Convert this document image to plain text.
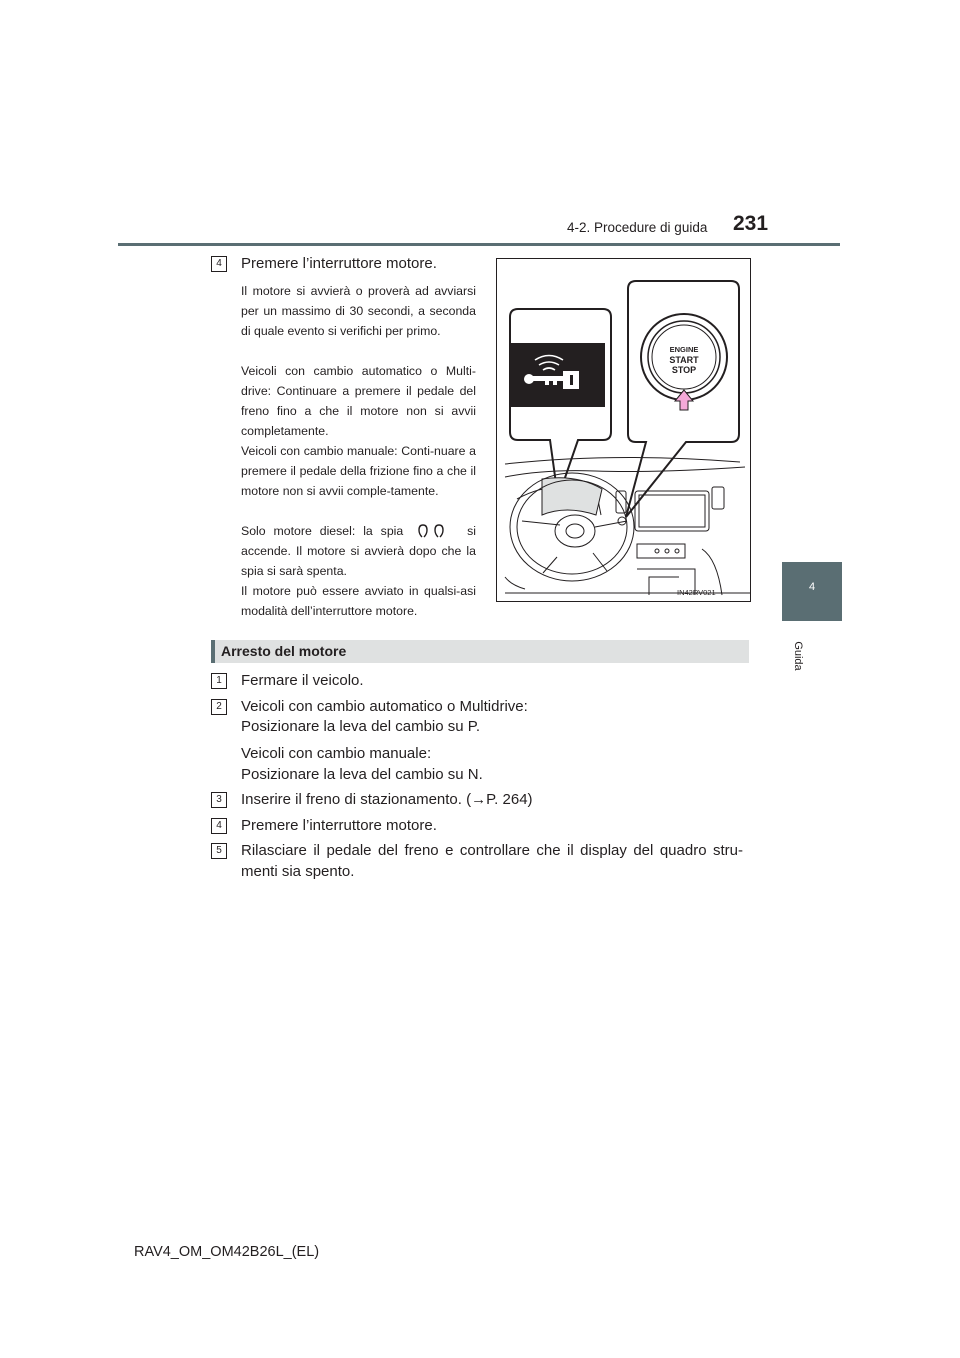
4-2. Procedure di guida 231
4
Guida
4	Premere l’interruttore motore.
Il motore si avvierà o proverà ad avviarsi per un massimo di 30 secondi, a seconda di quale evento si verifichi per primo.
Veicoli con cambio automatico o Multi-drive: Continuare a premere il pedale del freno fino a che il motore non si avvii completamente.
Veicoli con cambio manuale: Conti-nuare a premere il pedale della frizione fino a che il motore non si avvii comple-tamente.
Solo motore diesel: la spia	si accende. Il motore si avvierà dopo che la spia si sarà spenta.
Il motore può essere avviato in qualsi-asi modalità dell’interruttore motore.
ENGINE
START
STOP
IN42RV021
Arresto del motore
1	Fermare il veicolo.
2	Veicoli con cambio automatico o Multidrive:
Posizionare la leva del cambio su P.
Veicoli con cambio manuale:
Posizionare la leva del cambio su N.
3	Inserire il freno di stazionamento. (→P. 264)
4	Premere l’interruttore motore.
5	Rilasciare il pedale del freno e controllare che il display del quadro stru-
menti sia spento.
RAV4_OM_OM42B26L_(EL)
